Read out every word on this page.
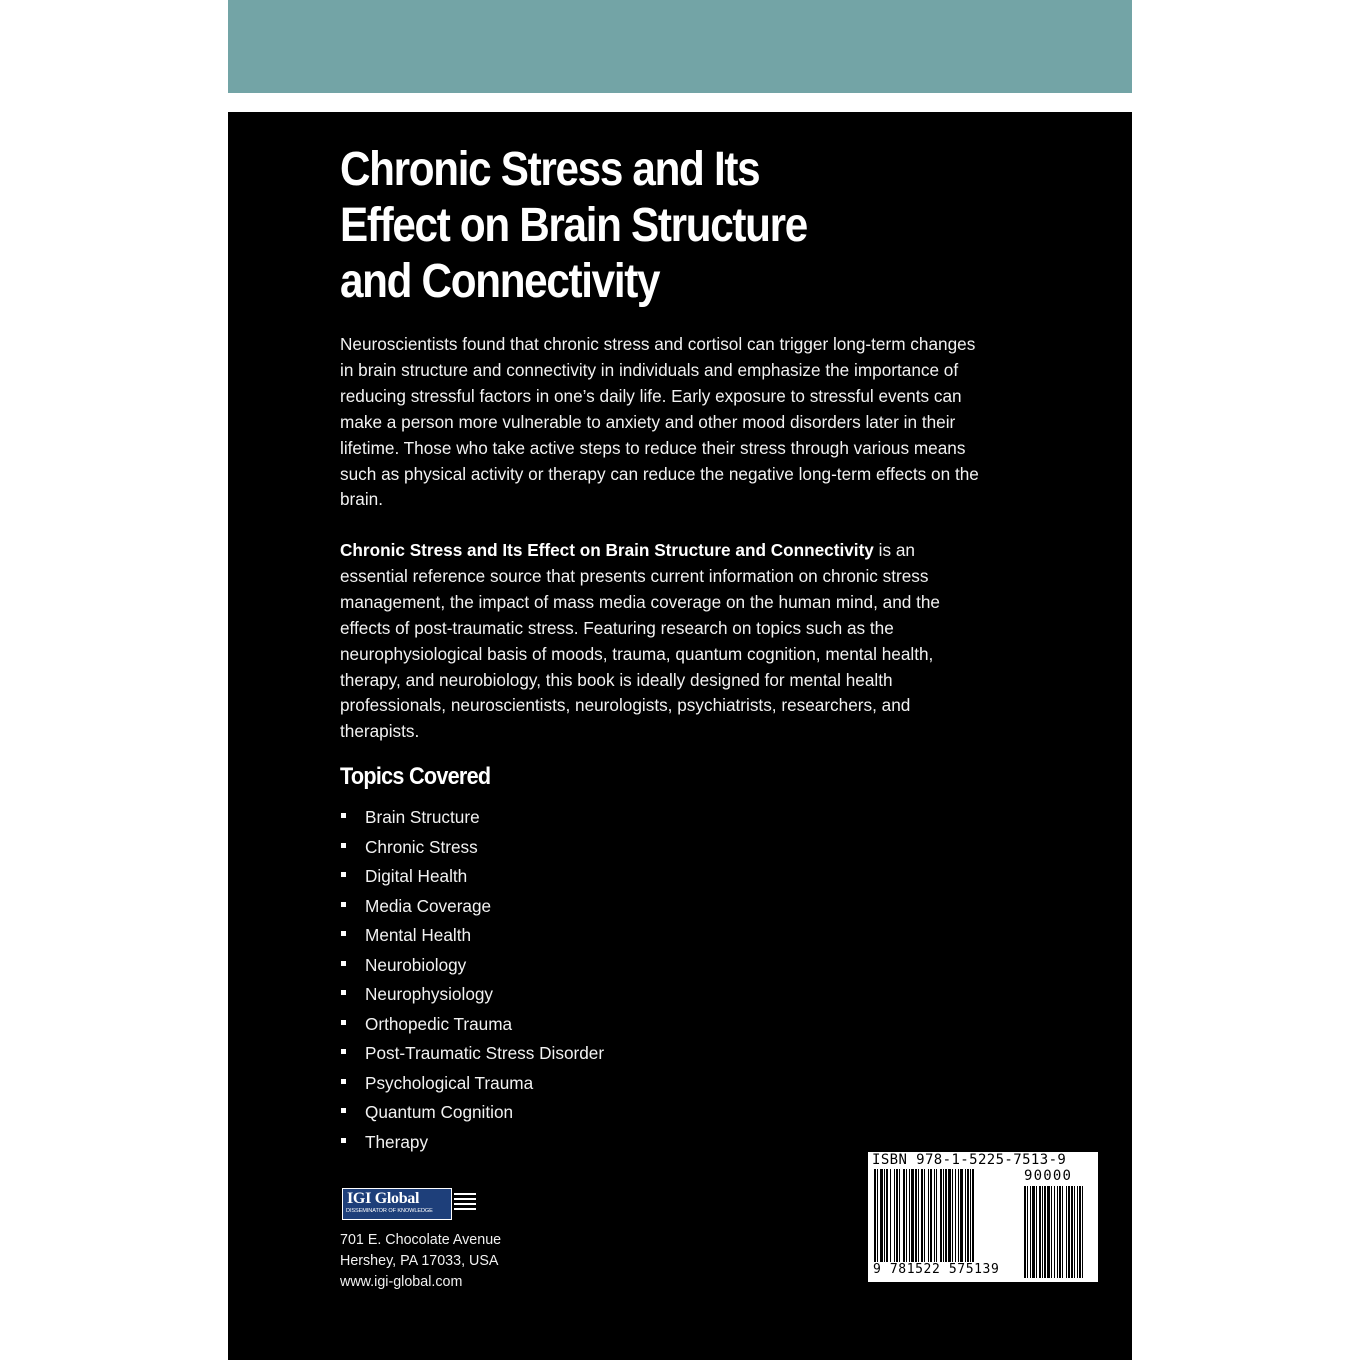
Chronic Stress and Its
Effect on Brain Structure
and Connectivity

Neuroscientists found that chronic stress and cortisol can trigger long-term changes in brain structure and connectivity in individuals and emphasize the importance of reducing stressful factors in one’s daily life. Early exposure to stressful events can make a person more vulnerable to anxiety and other mood disorders later in their lifetime. Those who take active steps to reduce their stress through various means such as physical activity or therapy can reduce the negative long-term effects on the brain.

Chronic Stress and Its Effect on Brain Structure and Connectivity is an essential reference source that presents current information on chronic stress management, the impact of mass media coverage on the human mind, and the effects of post-traumatic stress. Featuring research on topics such as the neurophysiological basis of moods, trauma, quantum cognition, mental health, therapy, and neurobiology, this book is ideally designed for mental health professionals, neuroscientists, neurologists, psychiatrists, researchers, and therapists.

Topics Covered
Brain Structure
Chronic Stress
Digital Health
Media Coverage
Mental Health
Neurobiology
Neurophysiology
Orthopedic Trauma
Post-Traumatic Stress Disorder
Psychological Trauma
Quantum Cognition
Therapy
IGI Global
DISSEMINATOR OF KNOWLEDGE
701 E. Chocolate Avenue
Hershey, PA 17033, USA
www.igi-global.com
ISBN 978-1-5225-7513-9
90000
9 781522 575139
